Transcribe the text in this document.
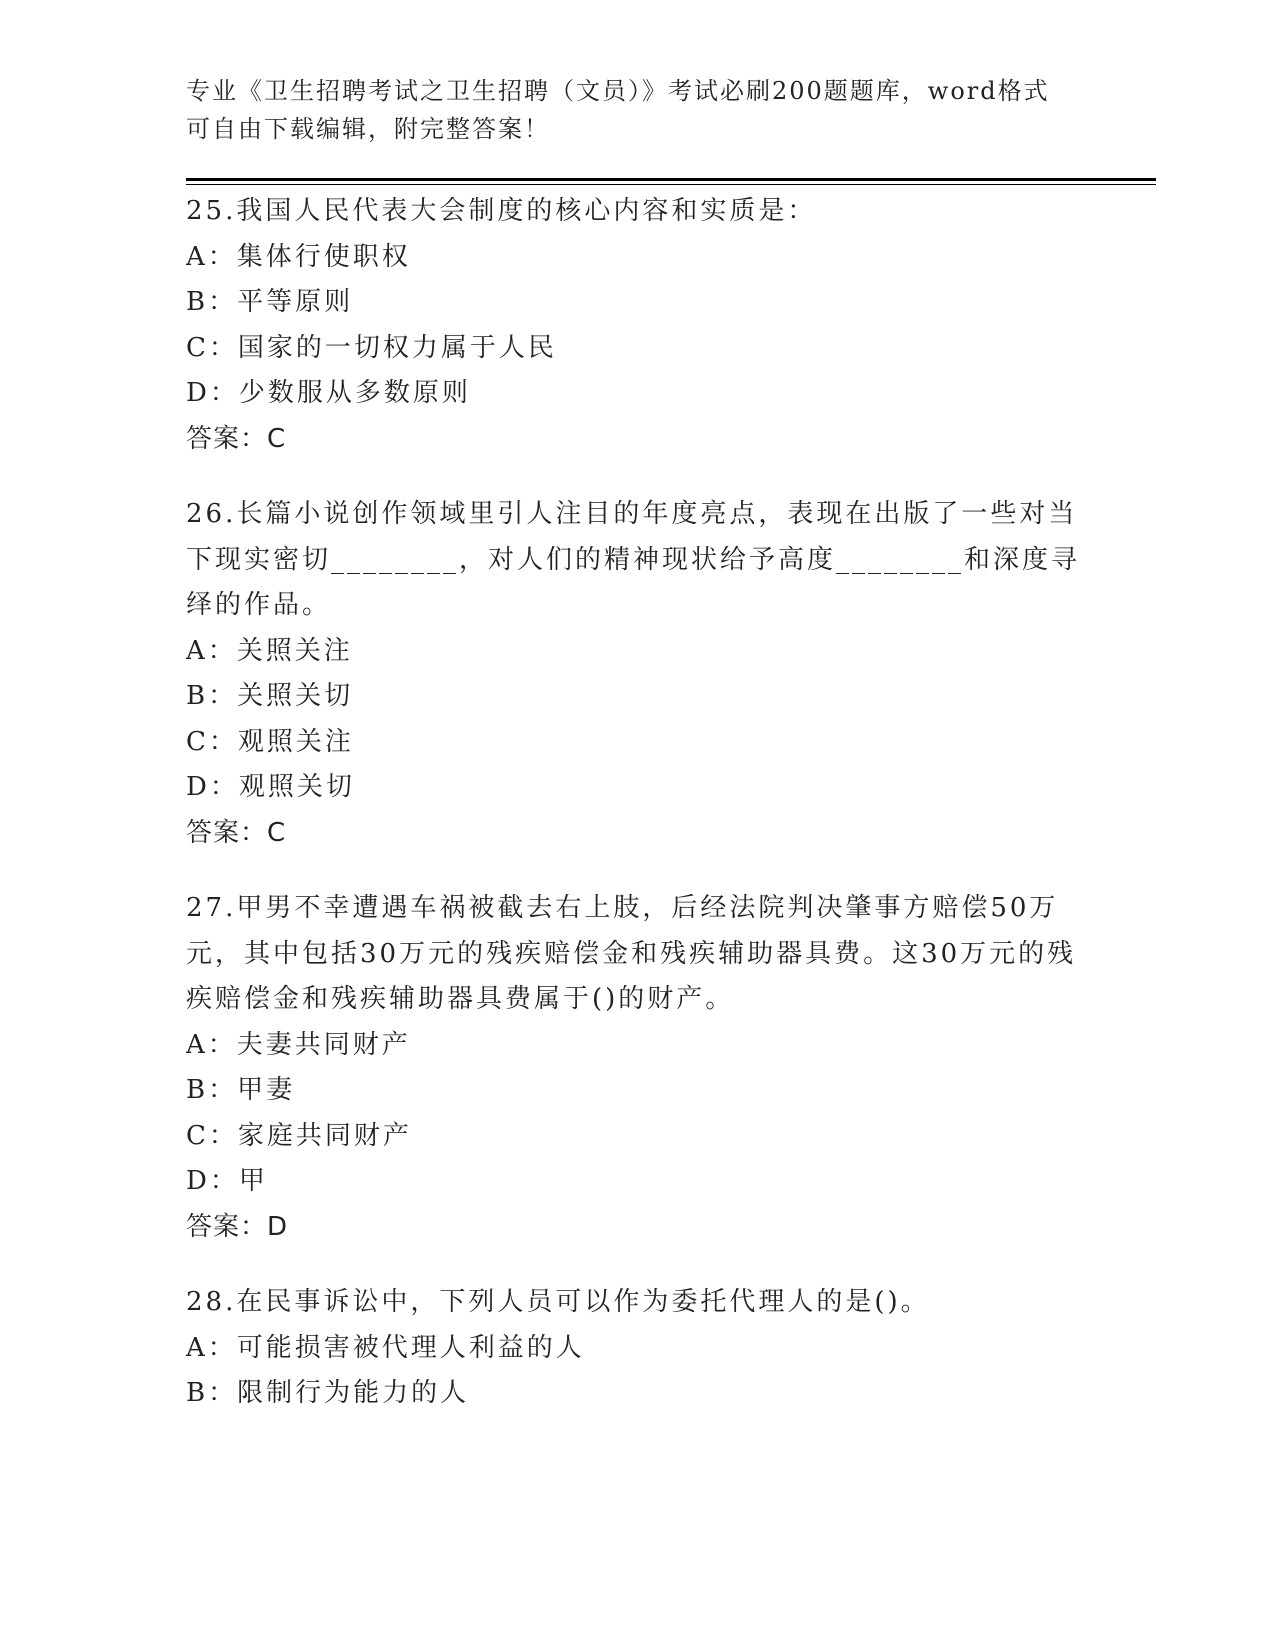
专业《卫生招聘考试之卫生招聘（文员）》考试必刷200题题库，word格式可自由下载编辑，附完整答案！

25.我国人民代表大会制度的核心内容和实质是：

A：集体行使职权

B：平等原则

C：国家的一切权力属于人民

D：少数服从多数原则

答案：C

26.长篇小说创作领域里引人注目的年度亮点，表现在出版了一些对当下现实密切________，对人们的精神现状给予高度________和深度寻绎的作品。

A：关照关注

B：关照关切

C：观照关注

D：观照关切

答案：C

27.甲男不幸遭遇车祸被截去右上肢，后经法院判决肇事方赔偿50万元，其中包括30万元的残疾赔偿金和残疾辅助器具费。这30万元的残疾赔偿金和残疾辅助器具费属于()的财产。

A：夫妻共同财产

B：甲妻

C：家庭共同财产

D：甲

答案：D

28.在民事诉讼中，下列人员可以作为委托代理人的是()。

A：可能损害被代理人利益的人

B：限制行为能力的人
